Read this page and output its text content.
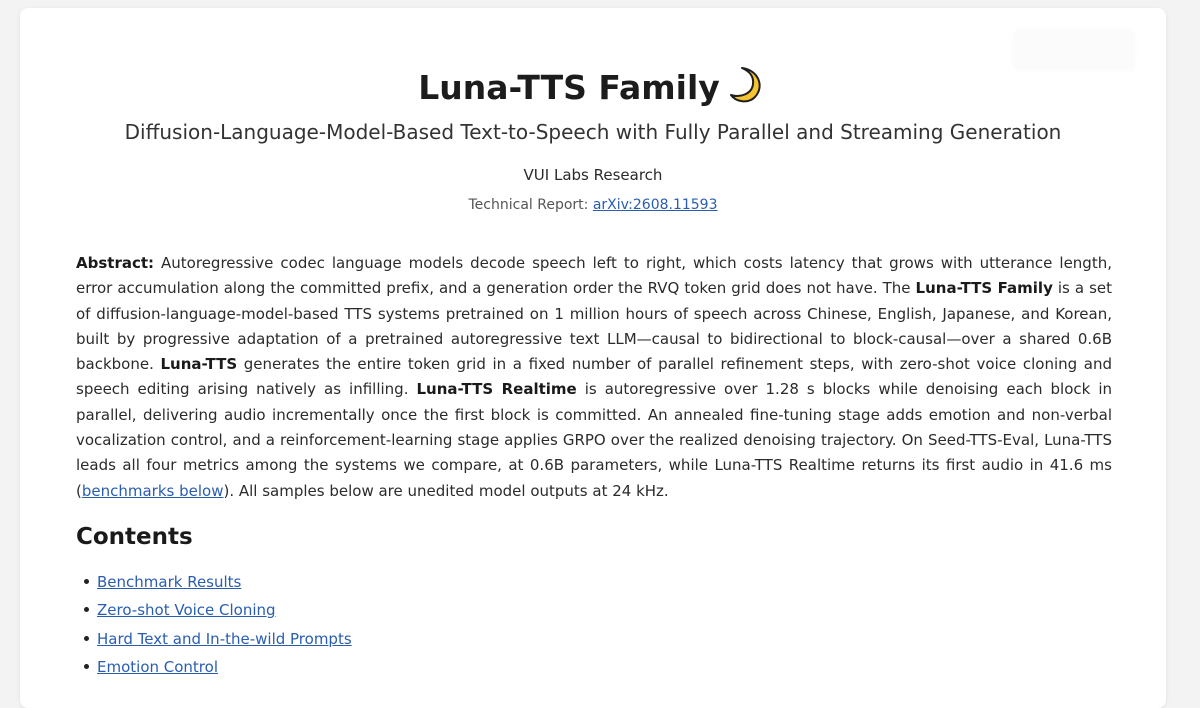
Luna-TTS Family
Diffusion-Language-Model-Based Text-to-Speech with Fully Parallel and Streaming Generation
VUI Labs Research
Technical Report: arXiv:2608.11593

Abstract: Autoregressive codec language models decode speech left to right, which costs latency that grows with utterance length, error accumulation along the committed prefix, and a generation order the RVQ token grid does not have. The Luna-TTS Family is a set of diffusion-language-model-based TTS systems pretrained on 1 million hours of speech across Chinese, English, Japanese, and Korean, built by progressive adaptation of a pretrained autoregressive text LLM—causal to bidirectional to block-causal—over a shared 0.6B backbone. Luna-TTS generates the entire token grid in a fixed number of parallel refinement steps, with zero-shot voice cloning and speech editing arising natively as infilling. Luna-TTS Realtime is autoregressive over 1.28 s blocks while denoising each block in parallel, delivering audio incrementally once the first block is committed. An annealed fine-tuning stage adds emotion and non-verbal vocalization control, and a reinforcement-learning stage applies GRPO over the realized denoising trajectory. On Seed-TTS-Eval, Luna-TTS leads all four metrics among the systems we compare, at 0.6B parameters, while Luna-TTS Realtime returns its first audio in 41.6 ms (benchmarks below). All samples below are unedited model outputs at 24 kHz.

Contents
Benchmark Results
Zero-shot Voice Cloning
Hard Text and In-the-wild Prompts
Emotion Control
